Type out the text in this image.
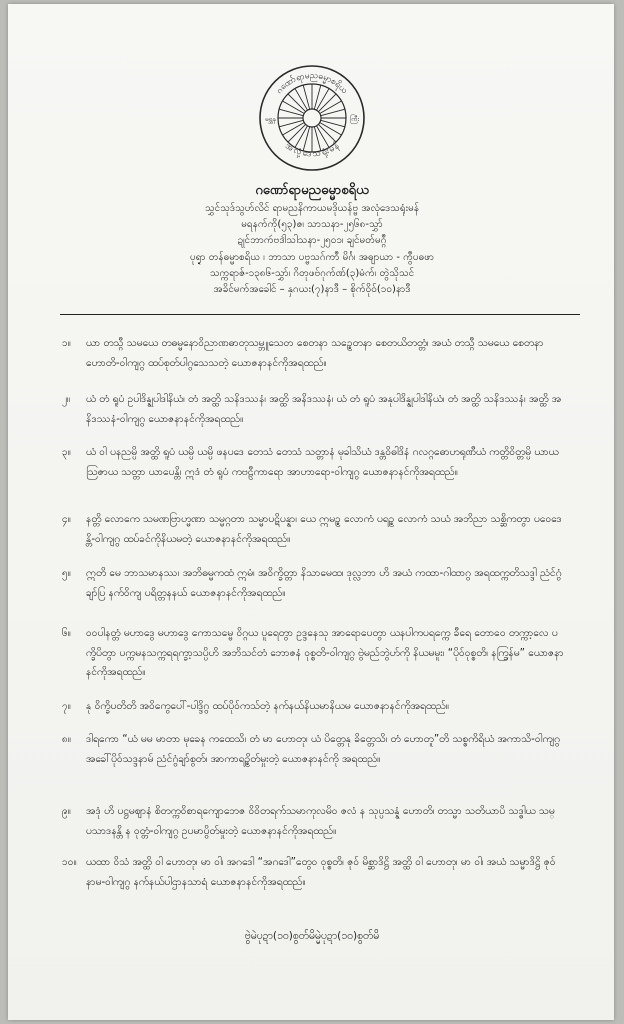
ဂဏော်ရာမညဓမ္မာစရိယ
အလုံ့ဒေသရုံးမန်
မရ္ဘန	ကြီး
ဂဏော်ရာမညဓမ္မာစရိယ
သွှင်သုဒ်သွဟ်လိင် ရာမညနိကာယမဒိုယန်ဗ္ဗ အလုံဒေသရုံးမန်
မရနက်ကို(၅၃)ဇ၊ သာသနာ-၂၅၆၈-သွှာ်
ဍုင်ဘာကဴဗဒါဲသါသနာ-၂၅၀၁၊ ချင်မတ်မဂ္ဂဳ
ပုရ္ဍာ တန်ဓမ္မာစရိယ ၊ ဘာသာ ပဗ္ဗသဂ်ကာဳ မိင်္ဂ၊ အဓျာယာ - ကွဳပဓဖာ
သက္ကရာဇ်-၁၃၈၆-သွှာ်၊ ဂိတုဖဗ်ဂုက်ဏ်(၃)မံက်၊ တွဲသိုသင်
အခိင်မက်အခေါင် – နှဂယး(၇)နာဒီ – စိုက်ဝိုဝ်(၁၀)နာဒီ
၁။ ယာ တသ္ဂီ သမယေ တဓမ္မနော၀ိညာဏဓာတုသမ္ဘူသေ၀ာ စေတနာ သဉ္စေတနာ စေတယိတတ္တံ၊ အယံ တသ္ဂီ သမယေ စေတနာ ဟောတိ-ဝါကျဂွ ထပ်စုတ်ပါဂွသေသတဲ့ ယောဇနာနင်ကိုအရထည်။
၂။ ယံ တံ ရူပံ ဥပါဒိန္နုပါဒါနိယံ၊ တံ အတ္ထိ သနိဒဿနံ၊ အတ္ထိ အနိဒဿနံ၊ ယံ တံ ရူပံ အနုပါဒိန္နုပါဒါနိယံ၊ တံ အတ္ထိ သနိဒဿနံ၊ အတ္ထိ အနိဒဿနံ-ဝါကျဂွ ယောဇနာနင်ကိုအရထည်။
၃။ ယံ ဝါ ပနညမ္ပိ အတ္ထိ ရူပံ ယမ္ပိ ယမ္ပိ ဖနပဒေ တေသံ တေသံ သတ္တာနံ မုခါသိယံ ဒန္တဝိဓါဒိနံ ဂလဂ္ဂဓောဟရုဏီယံ ကတ္တိဝိတ္တမ္ပိ ယာယ ဩဇာယ သတ္တာ ယာပေန္တိ၊ ဣဒံ တံ ရူပံ ကဗဠီကာရော အာဟာရော-ဝါကျဂွ ယောဇနာနင်ကိုအရထည်။
၄။ နတ္တိ လောကေ သမဏဗြာဟ္မဏာ သမ္မဂ္ဂတာ သမ္မာပဋိပန္နာ၊ ယေ ဣမဉ္စ လောကံ ပရဉ္စ လောကံ သယံ အဘိညာ သစ္ဆိကတွာ ပဝေဒေန္တိ-ဝါကျဂွ ထပ်ခင်ကိုနိယမတဲ့ ယောဇနာနင်ကိုအရထည်။
၅။ ဣတိ မေ ဘာသမာနဿ၊ အဘိဓမ္မကထံ ဣမံ၊ အဝိက္ခိတ္တာ နိသာမေထ၊ ဒုလ္လဘာ ဟိ အယံ ကထာ-ဂါထာဂွ အရထက္ကတိသဒ္ဒါ ညံင်ဂွံချာ်ပြ နက်ဝိကျ ပရိတ္တနနယ် ယောဇနာနင်ကိုအရထည်။
၆။ ဝဝပါနတ္တံ မဟာဒွေ မဟာဒွေ ကောသမ္ဗေ ဝိဂ္ဂယ ပူရေတွာ ဥဒ္ဒနေသု အာရောပေတွာ ယနပါကပရက္ကေ ခီရေ တော၀ေ တက္ကာ့လေ ပက္ခိပိတွာ ပက္ကမနသက္ကရရက္ခာ့သပ္ပိဟိ အဘိသင်တံ ဘောဇနံ ဝုစ္စတိ-ဝါကျဂွ ဗွဲမည်ဘွဲဟ်ကို နိယမမူး၊ “ပိုဝ်ဝုစ္စတိ၊ နက္ခြန်မ” ယောဇနာနင်ကိုအရထည်။
၇။ နု ဝိက္ခိပတိတိ အဝိကွေပေါ်-ပါဒ္ဒိဂွ ထပ်ပိုဝ်ကသ်တဲ့ နက်နယ်နိယမာနိယမ ယောဇနာနင်ကိုအရထည်။
၈။ ဒါရကော “ယံ မမ မာတာ မုခေန ကထေသိ၊ တံ မာ ဟောတု၊ ယံ ပိတ္တေနု ခိတ္တေသိ၊ တံ ဟောတူ”တိ သစ္စကိရိယံ အကာသိ-ဝါကျဂွ အခေါ်ပိုဝ်သဒ္ဒနာမ် ညံင်ဂွံချာ်စွတ်၊ အာကာရဉ္စိတ်မှုးတဲ့ ယောဇနာနင်ကို အရထည်။
၉။ အဒုံ ဟိ ပဋ္ဌမဈာနံ စိတက္ကဝိစာရကျောဘေဇ ဝိဝိတရက်သမာကုလမိဝ ဇလံ န သုပ္ပသန္နံ ဟောတိ၊ တသ္မာ သတိယာပိ သဒ္ဓါယ သမ္ပသာဒနန္တိ န ဝုတ္တံ-ဝါကျဂွ ဥပမာပွိတ်မှုးတဲ့ ယောဇနာနင်ကိုအရထည်။
၁၀။ ယထာ ဝိသံ အတ္ထိ ဝါ ဟောတု၊ မာ ဝါ၊ အဂဒေါ “အဂဒေါ”တွေဝ ဝုစ္စတိ၊ ဇုဝ် မိစ္ဆာဒိဋ္ဌိ အတ္ထိ ဝါ ဟောတု၊ မာ ဝါ၊ အယံ သမ္မာဒိဋ္ဌိ ဇုဝ် နာမ-ဝါကျဂွ နက်နယ်ပါဌာနသာရံ ယောဇနာနင်ကိုအရထည်။
ဗွဲမဲပုဍာ(၁၀)စွတ်မိမ္မဲပုဍာ(၁၀)စွတ်မိ
